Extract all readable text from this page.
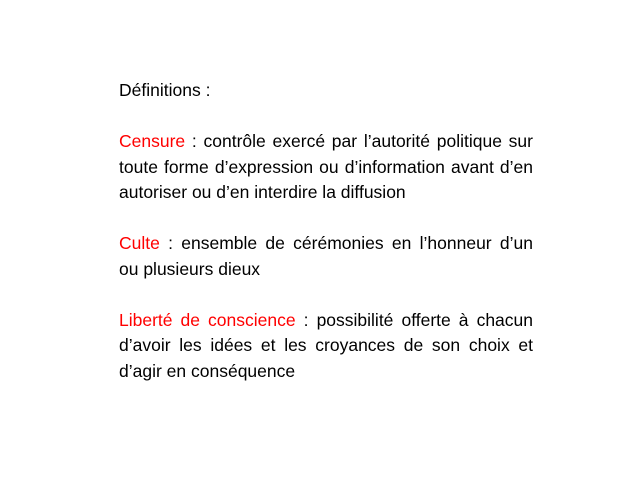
Définitions :

Censure : contrôle exercé par l’autorité politique sur toute forme d’expression ou d’information avant d’en autoriser ou d’en interdire la diffusion

Culte : ensemble de cérémonies en l’honneur d’un ou plusieurs dieux

Liberté de conscience : possibilité offerte à chacun d’avoir les idées et les croyances de son choix et d’agir en conséquence
